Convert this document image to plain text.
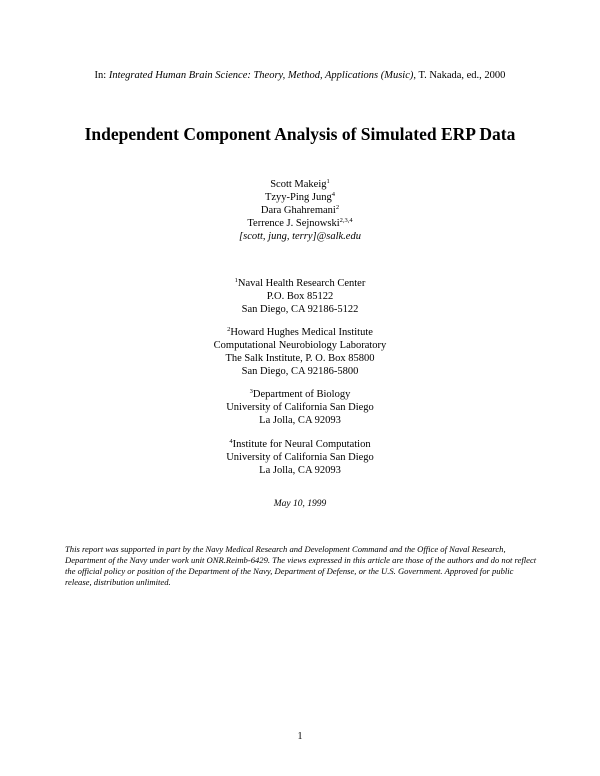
In: Integrated Human Brain Science: Theory, Method, Applications (Music), T. Nakada, ed., 2000
Independent Component Analysis of Simulated ERP Data
Scott Makeig$^1$
Tzyy-Ping Jung$^4$
Dara Ghahremani$^2$
Terrence J. Sejnowski$^{2,3,4}$
[scott, jung, terry]@salk.edu
$^1$Naval Health Research Center
P.O. Box 85122
San Diego, CA 92186-5122
$^2$Howard Hughes Medical Institute
Computational Neurobiology Laboratory
The Salk Institute, P. O. Box 85800
San Diego, CA 92186-5800
$^3$Department of Biology
University of California San Diego
La Jolla, CA 92093
$^4$Institute for Neural Computation
University of California San Diego
La Jolla, CA 92093
May 10, 1999
This report was supported in part by the Navy Medical Research and Development Command and the Office of Naval Research, Department of the Navy under work unit ONR.Reimb-6429. The views expressed in this article are those of the authors and do not reflect the official policy or position of the Department of the Navy, Department of Defense, or the U.S. Government. Approved for public release, distribution unlimited.
1
